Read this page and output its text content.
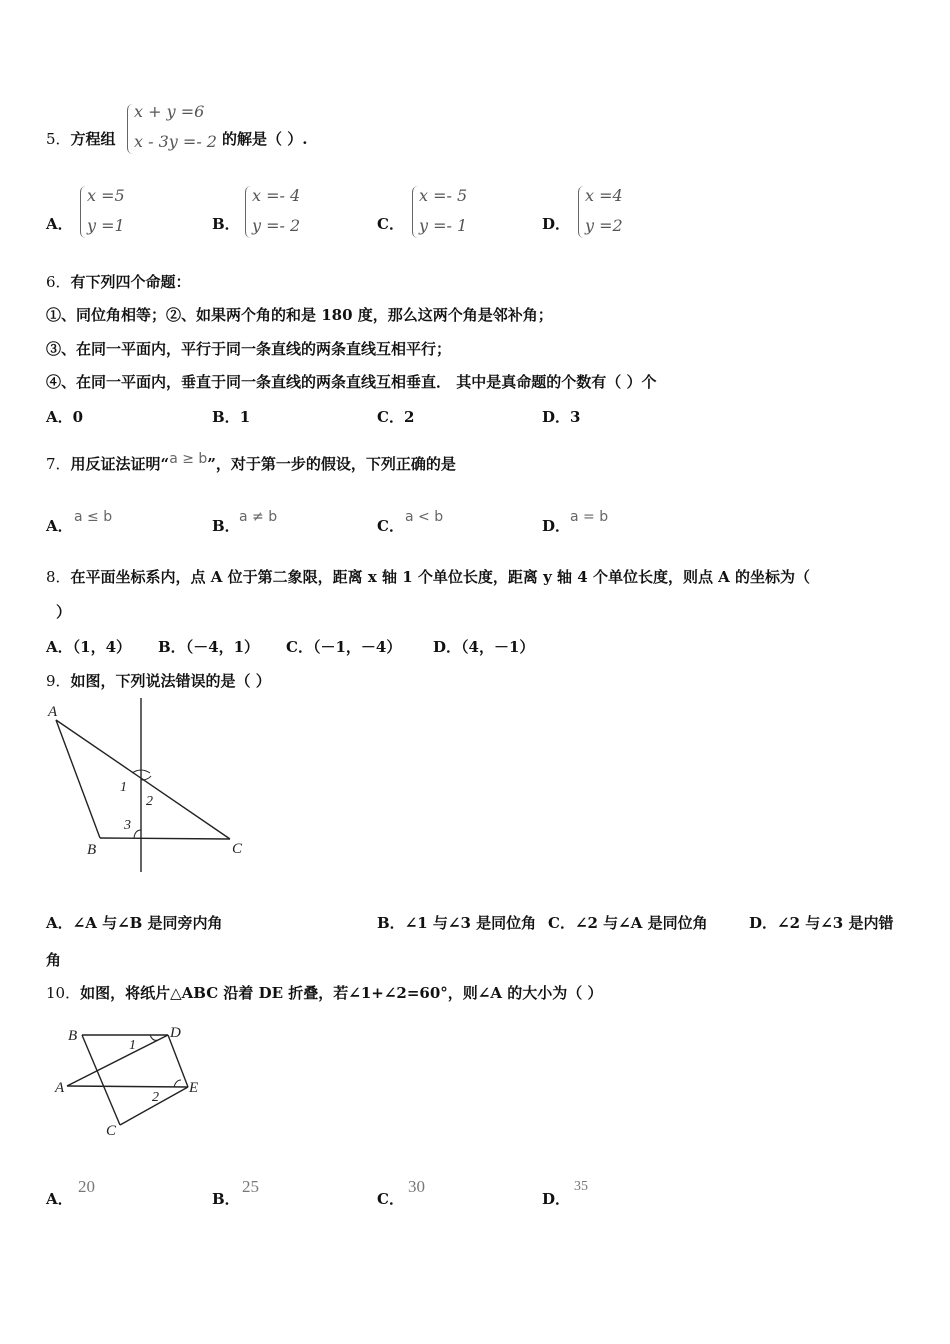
5．方程组
x + y =6
x - 3y =- 2 的解是（ ）.
A．
x =5
y =1	B．
x =- 4
y =- 2	C．
x =- 5
y =- 1	D．
x =4
y =2
6．有下列四个命题：
①、同位角相等；②、如果两个角的和是 180 度，那么这两个角是邻补角；
③、在同一平面内，平行于同一条直线的两条直线互相平行；
④、在同一平面内，垂直于同一条直线的两条直线互相垂直． 其中是真命题的个数有（ ）个
A．0	B．1	C．2	D．3
7．用反证法证明“a ≥ b”，对于第一步的假设，下列正确的是
A． a ≤ b	B． a ≠ b	C． a < b	D． a = b
8．在平面坐标系内，点 A 位于第二象限，距离 x 轴 1 个单位长度，距离 y 轴 4 个单位长度，则点 A 的坐标为（
）
A．（1，4） B．（－4，1） C．（－1，－4） D．（4，－1）
9．如图，下列说法错误的是（ ）
A
B	C
1
2
3
A．∠A 与∠B 是同旁内角	B．∠1 与∠3 是同位角 C．∠2 与∠A 是同位角	D．∠2 与∠3 是内错
角
10．如图，将纸片△ABC 沿着 DE 折叠，若∠1+∠2=60°，则∠A 的大小为（ ）
B	D
A	E
C
1
2
A．
20
B．
25
C．
30
D．
35
